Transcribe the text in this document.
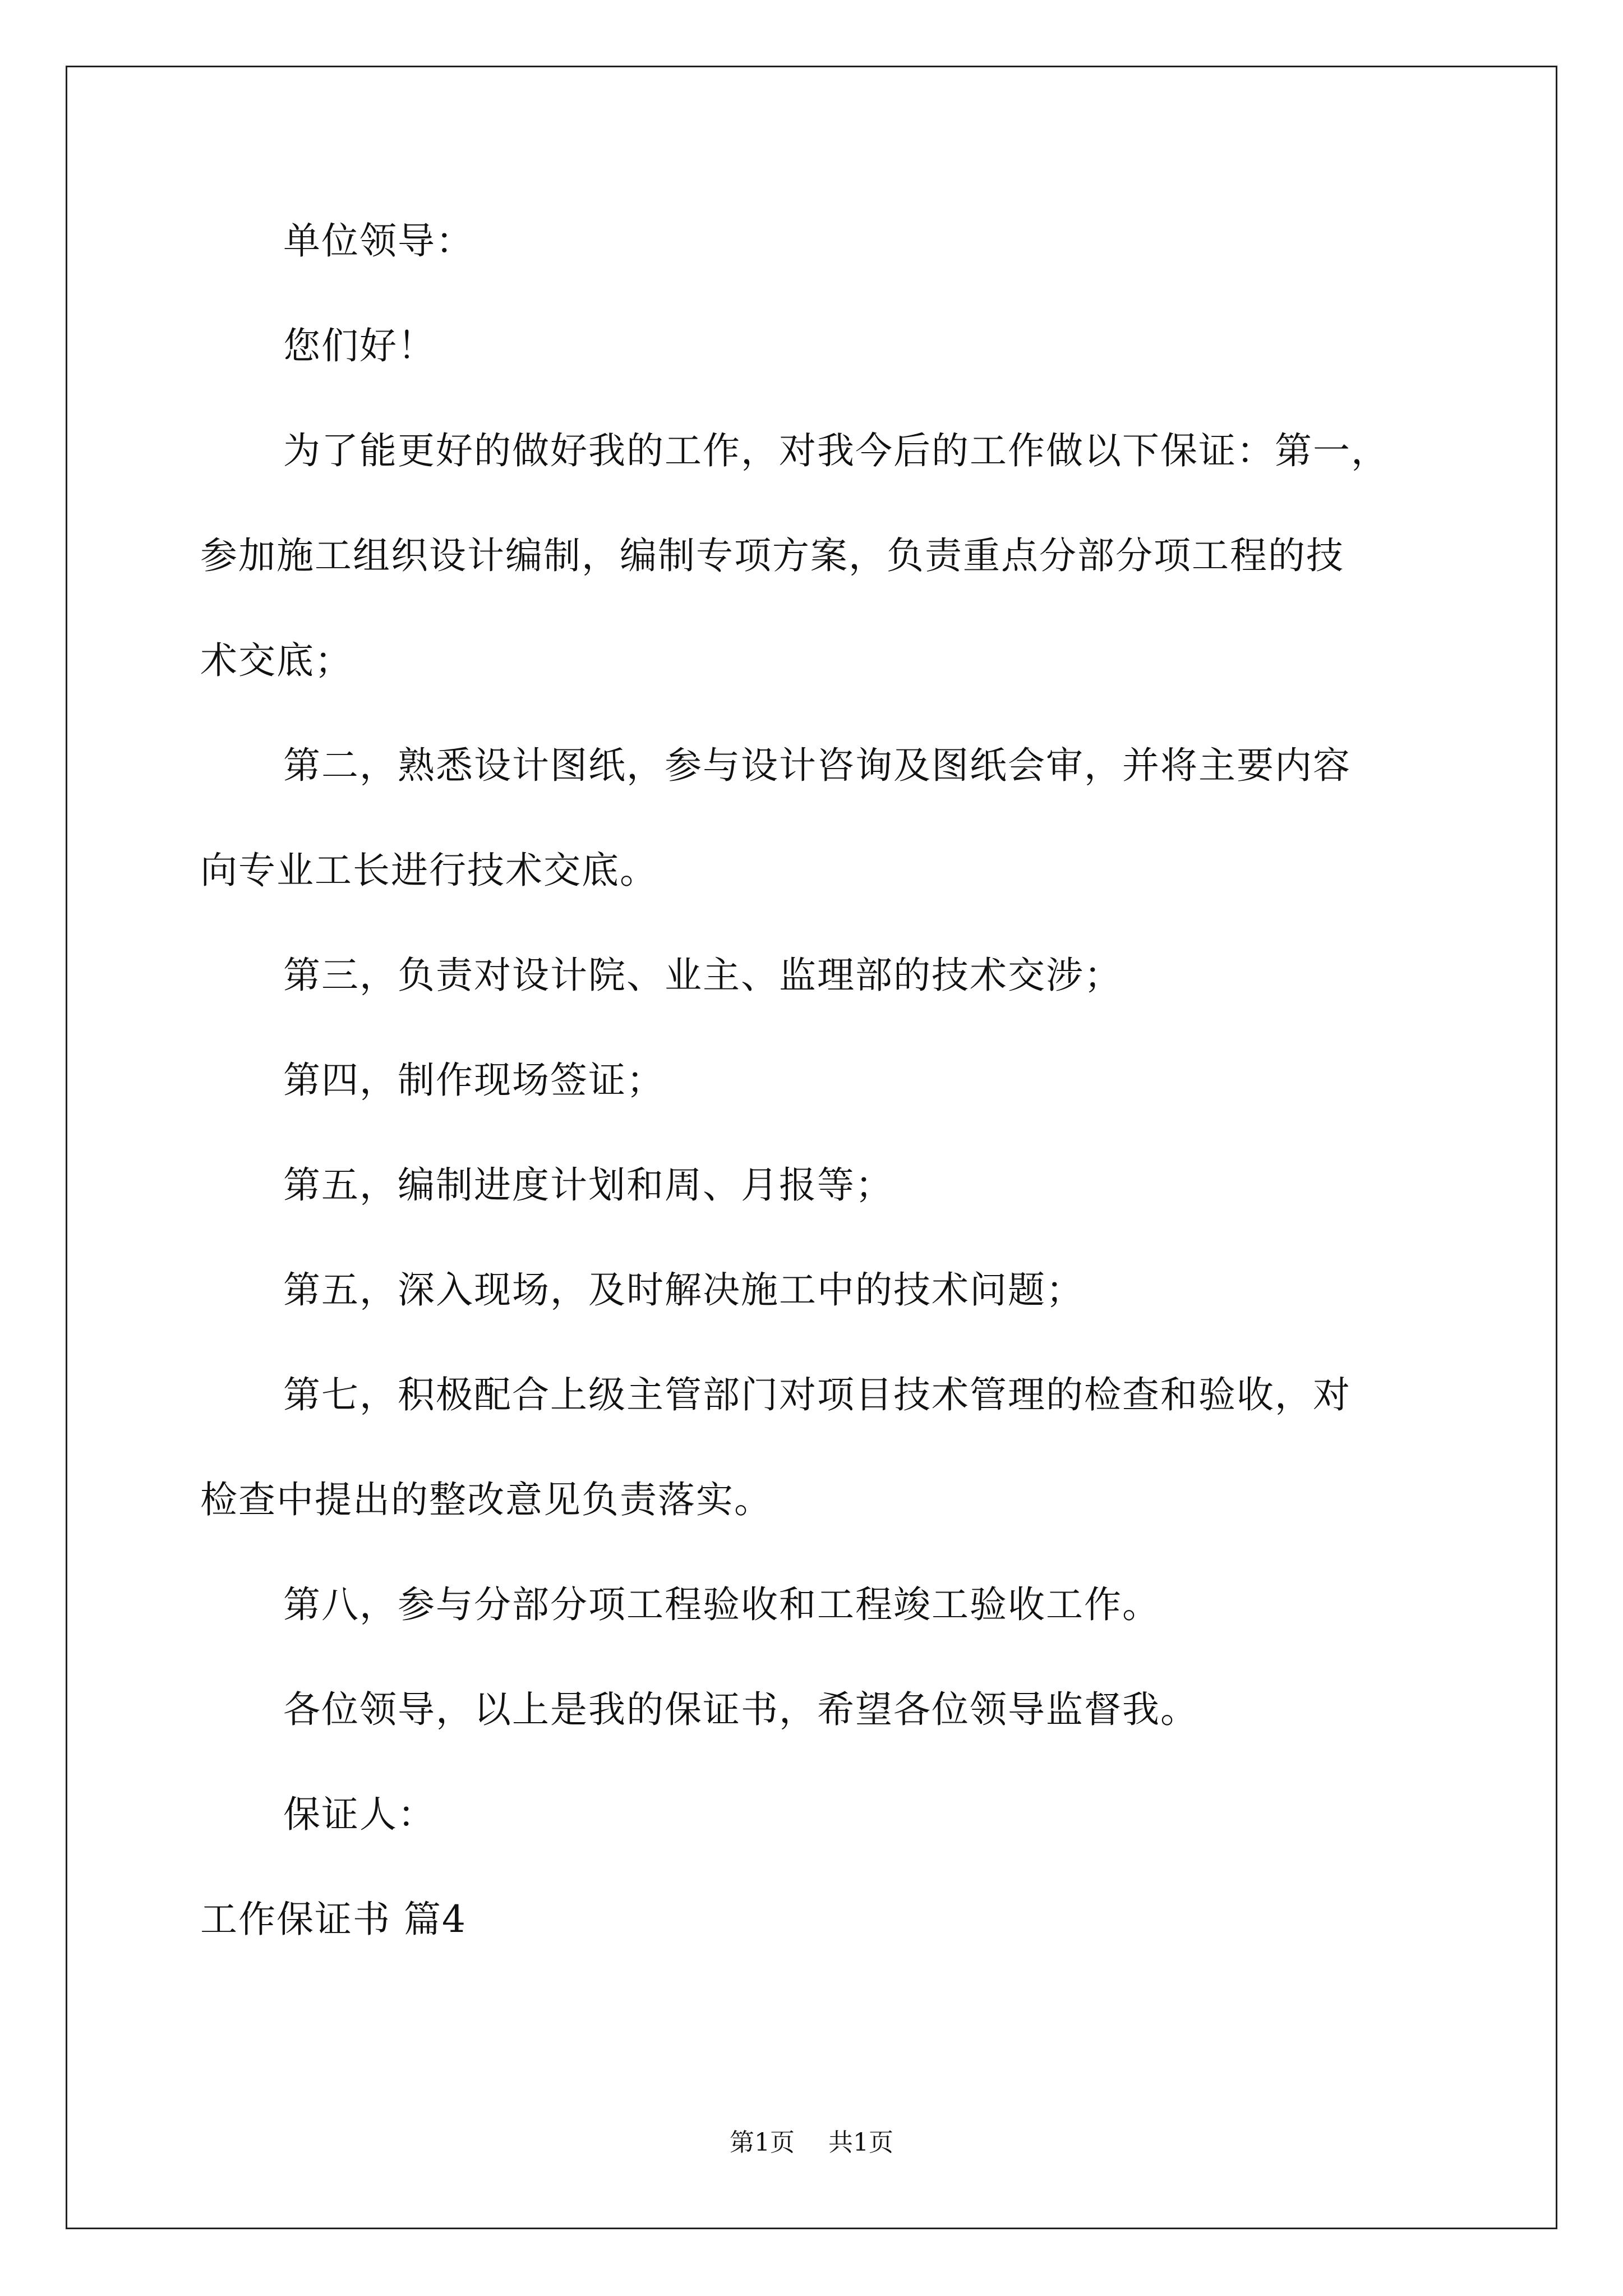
单位领导：

您们好！

为了能更好的做好我的工作，对我今后的工作做以下保证：第一，

参加施工组织设计编制，编制专项方案，负责重点分部分项工程的技

术交底；

第二，熟悉设计图纸，参与设计咨询及图纸会审，并将主要内容

向专业工长进行技术交底。

第三，负责对设计院、业主、监理部的技术交涉；

第四，制作现场签证；

第五，编制进度计划和周、月报等；

第五，深入现场，及时解决施工中的技术问题；

第七，积极配合上级主管部门对项目技术管理的检查和验收，对

检查中提出的整改意见负责落实。

第八，参与分部分项工程验收和工程竣工验收工作。

各位领导，以上是我的保证书，希望各位领导监督我。

保证人：

工作保证书 篇4

第1页 共1页
